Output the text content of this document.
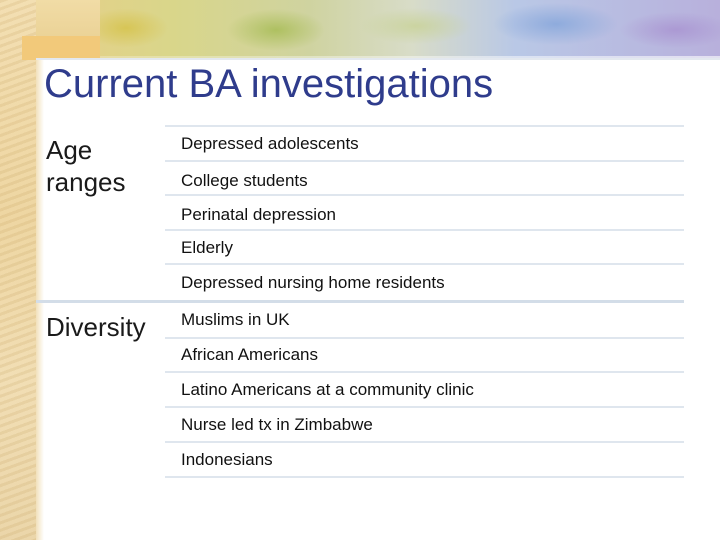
Current BA investigations

Age
ranges

Depressed adolescents
College students
Perinatal depression
Elderly
Depressed nursing home residents

Diversity Muslims in UK
African Americans
Latino Americans at a community clinic
Nurse led tx in Zimbabwe
Indonesians
